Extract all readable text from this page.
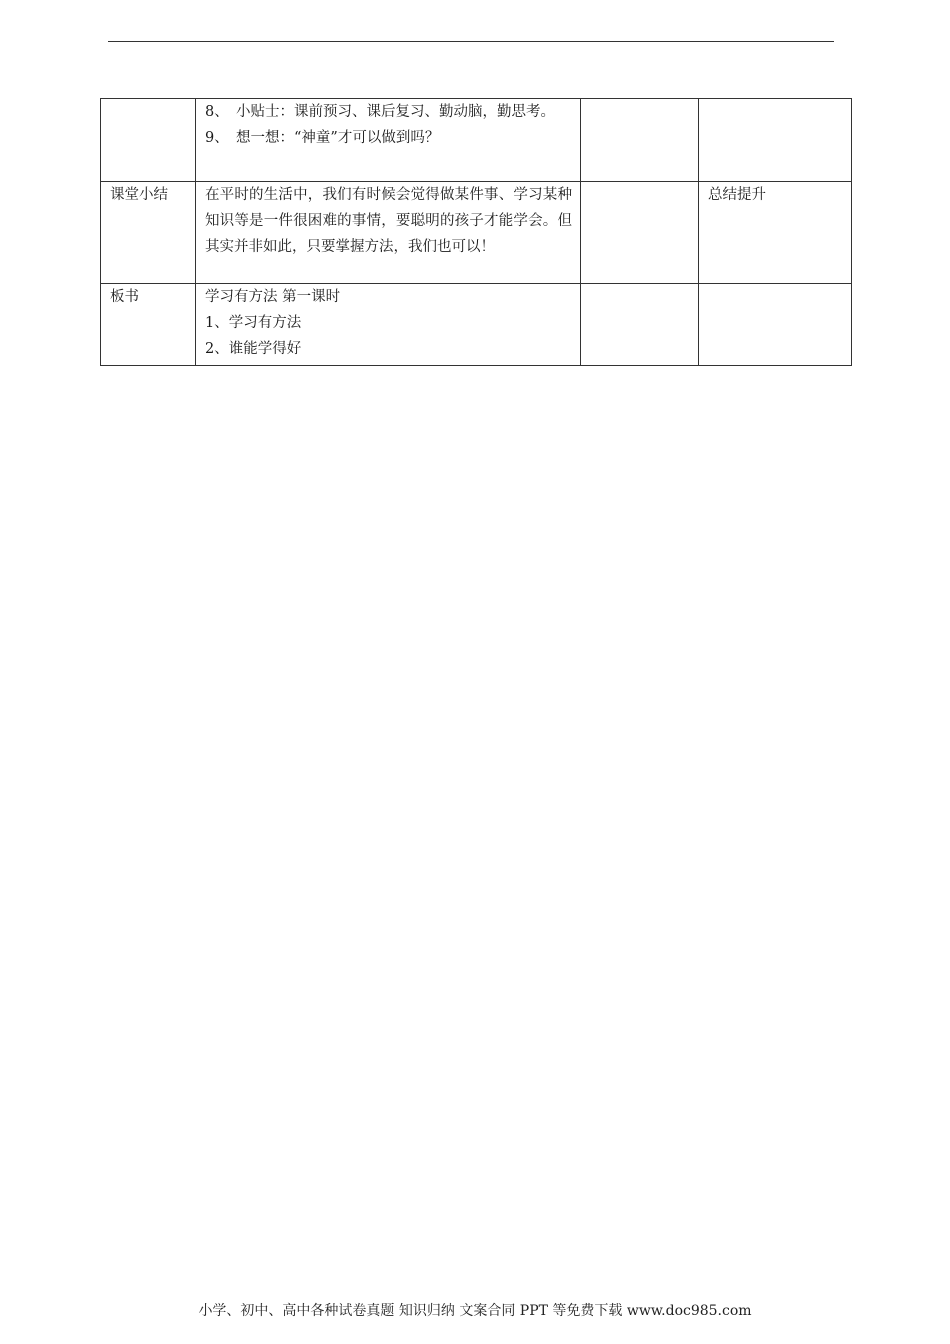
	8、 小贴士：课前预习、课后复习、勤动脑，勤思考。
9、 想一想：“神童”才可以做到吗？		

课堂小结	在平时的生活中，我们有时候会觉得做某件事、学习某种知识等是一件很困难的事情，要聪明的孩子才能学会。但其实并非如此，只要掌握方法，我们也可以！		总结提升
板书	学习有方法 第一课时
1、学习有方法
2、谁能学得好		

小学、初中、高中各种试卷真题 知识归纳 文案合同 PPT 等免费下载 www.doc985.com
